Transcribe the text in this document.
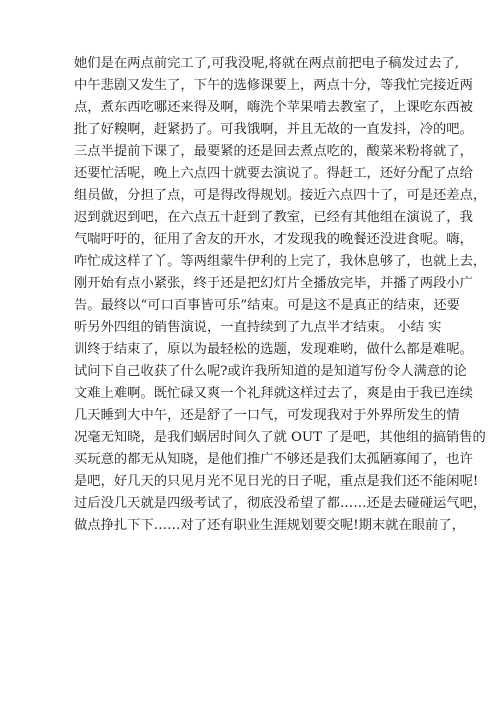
她们是在两点前完工了,可我没呢,将就在两点前把电子稿发过去了,
中午悲剧又发生了，下午的选修课要上，两点十分，等我忙完接近两
点，煮东西吃哪还来得及啊，嗨洗个苹果啃去教室了，上课吃东西被
批了好糗啊，赶紧扔了。可我饿啊，并且无故的一直发抖，冷的吧。
三点半提前下课了，最要紧的还是回去煮点吃的，酸菜米粉将就了，
还要忙活呢，晚上六点四十就要去演说了。得赶工，还好分配了点给
组员做，分担了点，可是得改得规划。接近六点四十了，可是还差点，
迟到就迟到吧，在六点五十赶到了教室，已经有其他组在演说了，我
气喘吁吁的，征用了舍友的开水，才发现我的晚餐还没进食呢。嗨，
咋忙成这样了丫。等两组蒙牛伊利的上完了，我休息够了，也就上去，
刚开始有点小紧张，终于还是把幻灯片全播放完毕，并播了两段小广
告。最终以“可口百事皆可乐”结束。可是这不是真正的结束，还要
听另外四组的销售演说，一直持续到了九点半才结束。 小结 实
训终于结束了，原以为最轻松的选题，发现难哟，做什么都是难呢。
试问下自己收获了什么呢?或许我所知道的是知道写份令人满意的论
文难上难啊。既忙碌又爽一个礼拜就这样过去了，爽是由于我已连续
几天睡到大中午，还是舒了一口气，可发现我对于外界所发生的情
况毫无知晓，是我们蜗居时间久了就 OUT 了是吧，其他组的搞销售的
买玩意的都无从知晓，是他们推广不够还是我们太孤陋寡闻了，也许
是吧，好几天的只见月光不见日光的日子呢，重点是我们还不能闲呢!
过后没几天就是四级考试了，彻底没希望了都……还是去碰碰运气吧，
做点挣扎下下……对了还有职业生涯规划要交呢!期末就在眼前了，
